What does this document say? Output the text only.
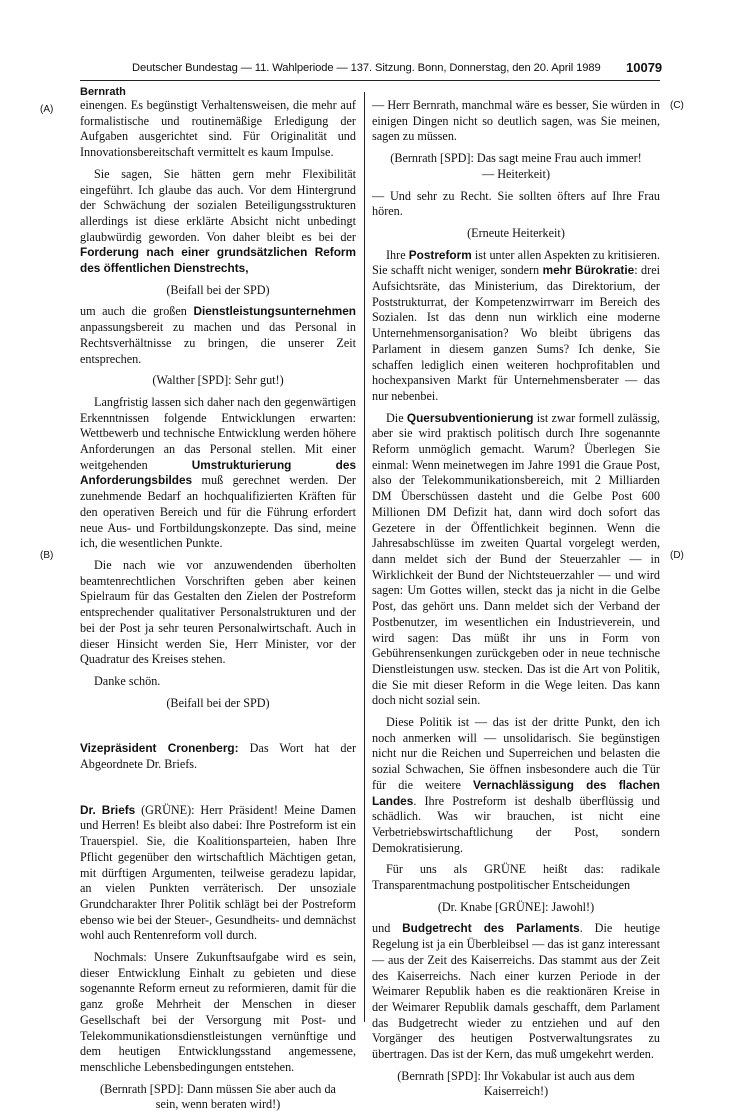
Deutscher Bundestag — 11. Wahlperiode — 137. Sitzung. Bonn, Donnerstag, den 20. April 1989	10079
Bernrath
(A)
(B)
(C)
(D)

einengen. Es begünstigt Verhaltensweisen, die mehr auf formalistische und routinemäßige Erledigung der Aufgaben ausgerichtet sind. Für Originalität und Innovationsbereitschaft vermittelt es kaum Impulse.

Sie sagen, Sie hätten gern mehr Flexibilität eingeführt. Ich glaube das auch. Vor dem Hintergrund der Schwächung der sozialen Beteiligungsstrukturen allerdings ist diese erklärte Absicht nicht unbedingt glaubwürdig geworden. Von daher bleibt es bei der Forderung nach einer grundsätzlichen Reform des öffentlichen Dienstrechts,

(Beifall bei der SPD)

um auch die großen Dienstleistungsunternehmen anpassungsbereit zu machen und das Personal in Rechtsverhältnisse zu bringen, die unserer Zeit entsprechen.

(Walther [SPD]: Sehr gut!)

Langfristig lassen sich daher nach den gegenwärtigen Erkenntnissen folgende Entwicklungen erwarten: Wettbewerb und technische Entwicklung werden höhere Anforderungen an das Personal stellen. Mit einer weitgehenden Umstrukturierung des Anforderungsbildes muß gerechnet werden. Der zunehmende Bedarf an hochqualifizierten Kräften für den operativen Bereich und für die Führung erfordert neue Aus- und Fortbildungskonzepte. Das sind, meine ich, die wesentlichen Punkte.

Die nach wie vor anzuwendenden überholten beamtenrechtlichen Vorschriften geben aber keinen Spielraum für das Gestalten den Zielen der Postreform entsprechender qualitativer Personalstrukturen und der bei der Post ja sehr teuren Personalwirtschaft. Auch in dieser Hinsicht werden Sie, Herr Minister, vor der Quadratur des Kreises stehen.

Danke schön.

(Beifall bei der SPD)

Vizepräsident Cronenberg: Das Wort hat der Abgeordnete Dr. Briefs.

Dr. Briefs (GRÜNE): Herr Präsident! Meine Damen und Herren! Es bleibt also dabei: Ihre Postreform ist ein Trauerspiel. Sie, die Koalitionsparteien, haben Ihre Pflicht gegenüber den wirtschaftlich Mächtigen getan, mit dürftigen Argumenten, teilweise geradezu lapidar, an vielen Punkten verräterisch. Der unsoziale Grundcharakter Ihrer Politik schlägt bei der Postreform ebenso wie bei der Steuer-, Gesundheits- und demnächst wohl auch Rentenreform voll durch.

Nochmals: Unsere Zukunftsaufgabe wird es sein, dieser Entwicklung Einhalt zu gebieten und diese sogenannte Reform erneut zu reformieren, damit für die ganz große Mehrheit der Menschen in dieser Gesellschaft bei der Versorgung mit Post- und Telekommunikationsdienstleistungen vernünftige und dem heutigen Entwicklungsstand angemessene, menschliche Lebensbedingungen entstehen.

(Bernrath [SPD]: Dann müssen Sie aber auch da sein, wenn beraten wird!)

— Herr Bernrath, manchmal wäre es besser, Sie würden in einigen Dingen nicht so deutlich sagen, was Sie meinen, sagen zu müssen.

(Bernrath [SPD]: Das sagt meine Frau auch immer! — Heiterkeit)

— Und sehr zu Recht. Sie sollten öfters auf Ihre Frau hören.

(Erneute Heiterkeit)

Ihre Postreform ist unter allen Aspekten zu kritisieren. Sie schafft nicht weniger, sondern mehr Bürokratie: drei Aufsichtsräte, das Ministerium, das Direktorium, der Poststrukturrat, der Kompetenzwirrwarr im Bereich des Sozialen. Ist das denn nun wirklich eine moderne Unternehmensorganisation? Wo bleibt übrigens das Parlament in diesem ganzen Sums? Ich denke, Sie schaffen lediglich einen weiteren hochprofitablen und hochexpansiven Markt für Unternehmensberater — das nur nebenbei.

Die Quersubventionierung ist zwar formell zulässig, aber sie wird praktisch politisch durch Ihre sogenannte Reform unmöglich gemacht. Warum? Überlegen Sie einmal: Wenn meinetwegen im Jahre 1991 die Graue Post, also der Telekommunikationsbereich, mit 2 Milliarden DM Überschüssen dasteht und die Gelbe Post 600 Millionen DM Defizit hat, dann wird doch sofort das Gezetere in der Öffentlichkeit beginnen. Wenn die Jahresabschlüsse im zweiten Quartal vorgelegt werden, dann meldet sich der Bund der Steuerzahler — in Wirklichkeit der Bund der Nichtsteuerzahler — und wird sagen: Um Gottes willen, steckt das ja nicht in die Gelbe Post, das gehört uns. Dann meldet sich der Verband der Postbenutzer, im wesentlichen ein Industrieverein, und wird sagen: Das müßt ihr uns in Form von Gebührensenkungen zurückgeben oder in neue technische Dienstleistungen usw. stecken. Das ist die Art von Politik, die Sie mit dieser Reform in die Wege leiten. Das kann doch nicht sozial sein.

Diese Politik ist — das ist der dritte Punkt, den ich noch anmerken will — unsolidarisch. Sie begünstigen nicht nur die Reichen und Superreichen und belasten die sozial Schwachen, Sie öffnen insbesondere auch die Tür für die weitere Vernachlässigung des flachen Landes. Ihre Postreform ist deshalb überflüssig und schädlich. Was wir brauchen, ist nicht eine Verbetriebswirtschaftlichung der Post, sondern Demokratisierung.

Für uns als GRÜNE heißt das: radikale Transparentmachung postpolitischer Entscheidungen

(Dr. Knabe [GRÜNE]: Jawohl!)

und Budgetrecht des Parlaments. Die heutige Regelung ist ja ein Überbleibsel — das ist ganz interessant — aus der Zeit des Kaiserreichs. Das stammt aus der Zeit des Kaiserreichs. Nach einer kurzen Periode in der Weimarer Republik haben es die reaktionären Kreise in der Weimarer Republik damals geschafft, dem Parlament das Budgetrecht wieder zu entziehen und auf den Vorgänger des heutigen Postverwaltungsrates zu übertragen. Das ist der Kern, das muß umgekehrt werden.

(Bernrath [SPD]: Ihr Vokabular ist auch aus dem Kaiserreich!)
